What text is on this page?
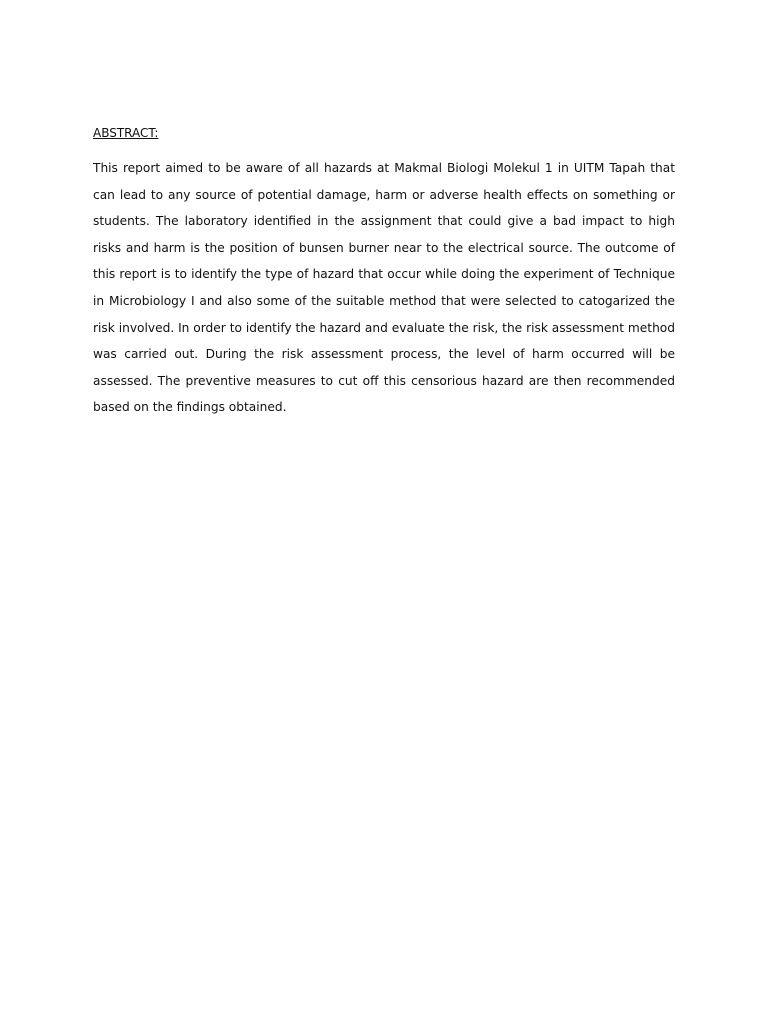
ABSTRACT:

This report aimed to be aware of all hazards at Makmal Biologi Molekul 1 in UITM Tapah that can lead to any source of potential damage, harm or adverse health effects on something or students. The laboratory identified in the assignment that could give a bad impact to high risks and harm is the position of bunsen burner near to the electrical source. The outcome of this report is to identify the type of hazard that occur while doing the experiment of Technique in Microbiology I and also some of the suitable method that were selected to catogarized the risk involved. In order to identify the hazard and evaluate the risk, the risk assessment method was carried out. During the risk assessment process, the level of harm occurred will be assessed. The preventive measures to cut off this censorious hazard are then recommended based on the findings obtained.
